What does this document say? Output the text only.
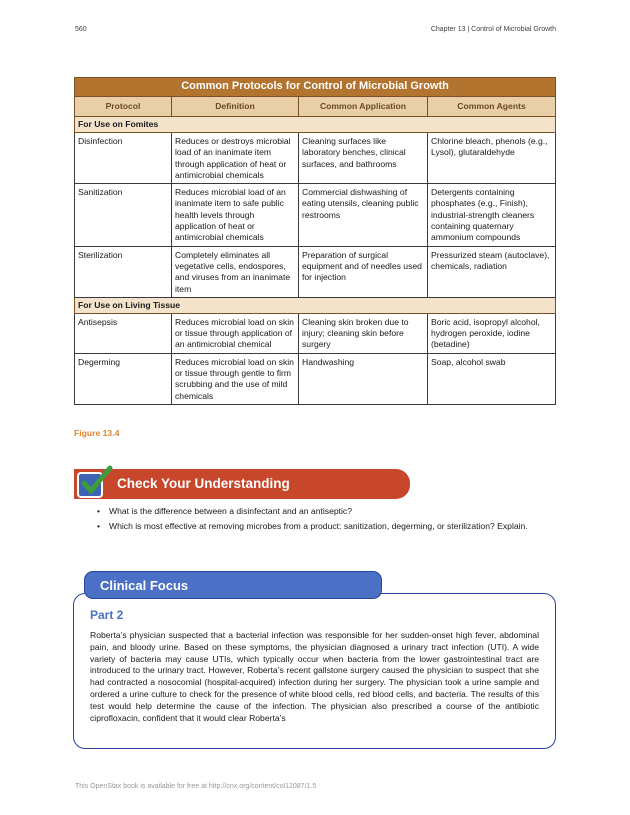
560	Chapter 13 | Control of Microbial Growth
Common Protocols for Control of Microbial Growth			
Protocol	Definition	Common Application	Common Agents
For Use on Fomites			
Disinfection	Reduces or destroys microbial load of an inanimate item through application of heat or antimicrobial chemicals	Cleaning surfaces like laboratory benches, clinical surfaces, and bathrooms	Chlorine bleach, phenols (e.g., Lysol), glutaraldehyde
Sanitization	Reduces microbial load of an inanimate item to safe public health levels through application of heat or antimicrobial chemicals	Commercial dishwashing of eating utensils, cleaning public restrooms	Detergents containing phosphates (e.g., Finish), industrial-strength cleaners containing quaternary ammonium compounds
Sterilization	Completely eliminates all vegetative cells, endospores, and viruses from an inanimate item	Preparation of surgical equipment and of needles used for injection	Pressurized steam (autoclave), chemicals, radiation
For Use on Living Tissue			
Antisepsis	Reduces microbial load on skin or tissue through application of an antimicrobial chemical	Cleaning skin broken due to injury; cleaning skin before surgery	Boric acid, isopropyl alcohol, hydrogen peroxide, iodine (betadine)
Degerming	Reduces microbial load on skin or tissue through gentle to firm scrubbing and the use of mild chemicals	Handwashing	Soap, alcohol swab
Figure 13.4
Check Your Understanding
• What is the difference between a disinfectant and an antiseptic?
• Which is most effective at removing microbes from a product: sanitization, degerming, or sterilization? Explain.
Clinical Focus
Part 2
Roberta’s physician suspected that a bacterial infection was responsible for her sudden-onset high fever, abdominal pain, and bloody urine. Based on these symptoms, the physician diagnosed a urinary tract infection (UTI). A wide variety of bacteria may cause UTIs, which typically occur when bacteria from the lower gastrointestinal tract are introduced to the urinary tract. However, Roberta’s recent gallstone surgery caused the physician to suspect that she had contracted a nosocomial (hospital-acquired) infection during her surgery. The physician took a urine sample and ordered a urine culture to check for the presence of white blood cells, red blood cells, and bacteria. The results of this test would help determine the cause of the infection. The physician also prescribed a course of the antibiotic ciprofloxacin, confident that it would clear Roberta’s
This OpenStax book is available for free at http://cnx.org/content/col12087/1.5
